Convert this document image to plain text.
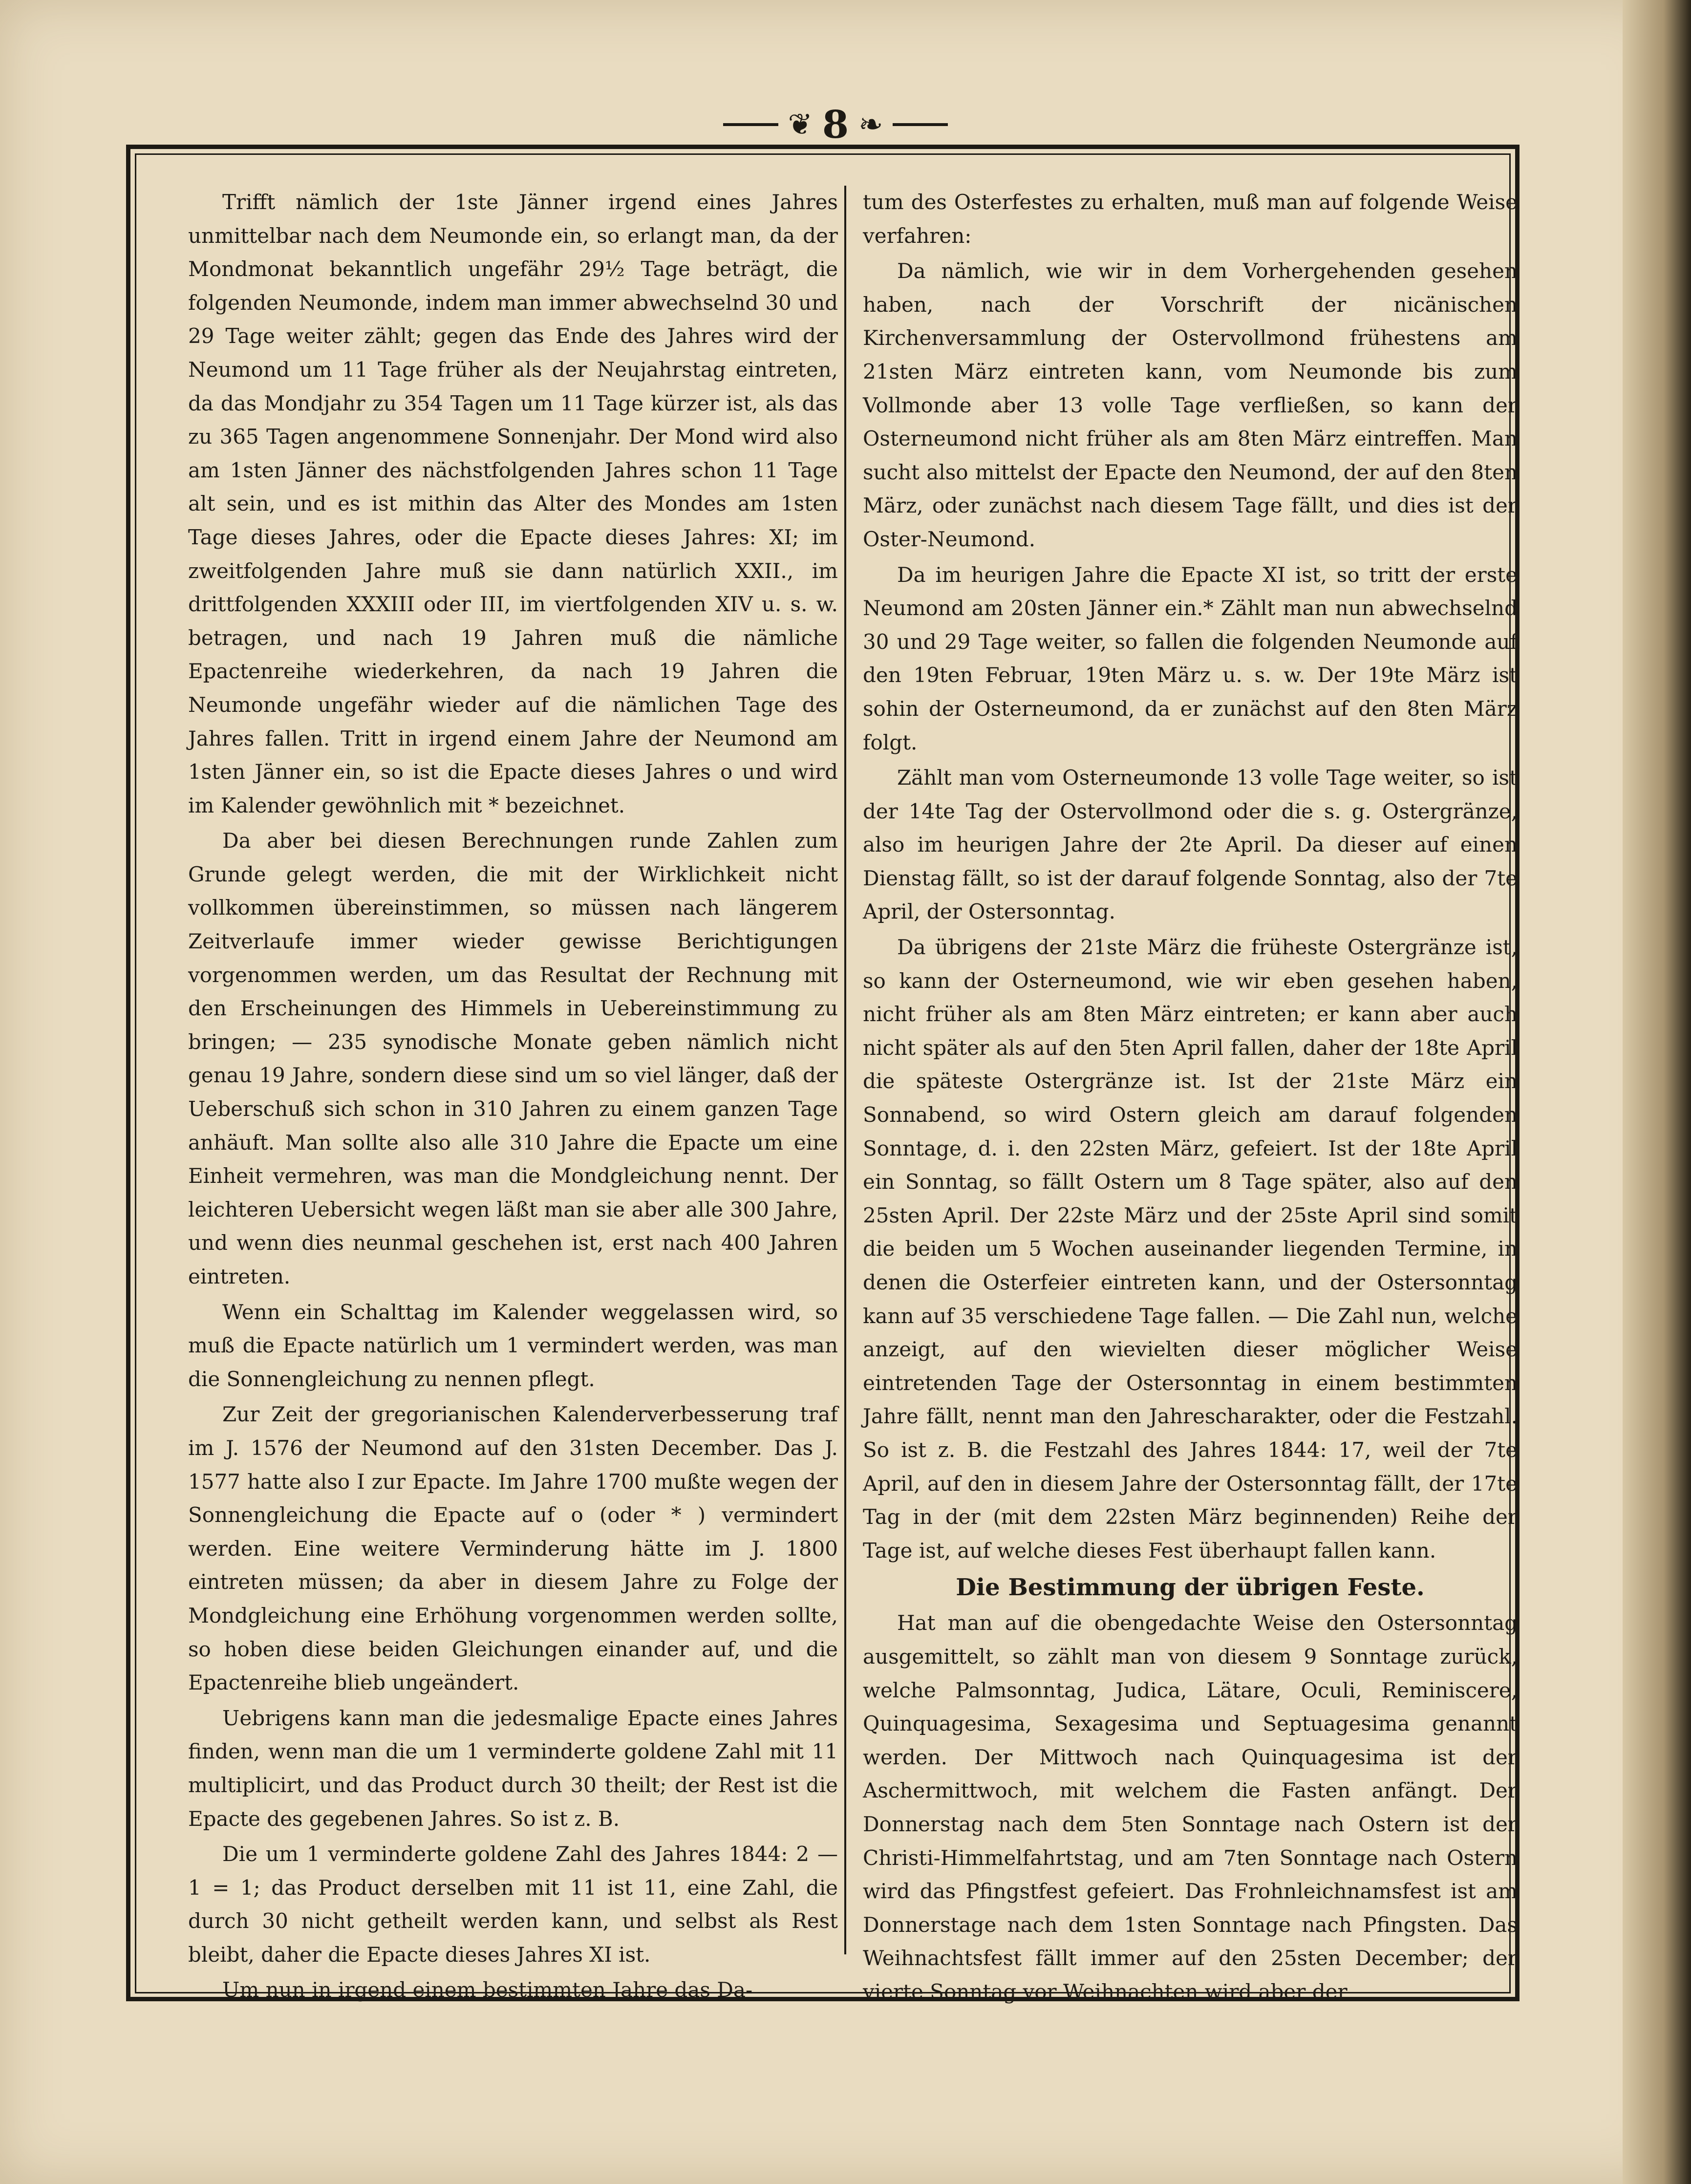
❦ 8 ❧

Trifft nämlich der 1ste Jänner irgend eines Jahres unmittelbar nach dem Neumonde ein, so erlangt man, da der Mondmonat bekanntlich ungefähr 29½ Tage beträgt, die folgenden Neumonde, indem man immer abwechselnd 30 und 29 Tage weiter zählt; gegen das Ende des Jahres wird der Neumond um 11 Tage früher als der Neujahrstag eintreten, da das Mondjahr zu 354 Tagen um 11 Tage kürzer ist, als das zu 365 Tagen angenommene Sonnenjahr. Der Mond wird also am 1sten Jänner des nächstfolgenden Jahres schon 11 Tage alt sein, und es ist mithin das Alter des Mondes am 1sten Tage dieses Jahres, oder die Epacte dieses Jahres: XI; im zweitfolgenden Jahre muß sie dann natürlich XXII., im drittfolgenden XXXIII oder III, im viertfolgenden XIV u. s. w. betragen, und nach 19 Jahren muß die nämliche Epactenreihe wiederkehren, da nach 19 Jahren die Neumonde ungefähr wieder auf die nämlichen Tage des Jahres fallen. Tritt in irgend einem Jahre der Neumond am 1sten Jänner ein, so ist die Epacte dieses Jahres o und wird im Kalender gewöhnlich mit * bezeichnet.

Da aber bei diesen Berechnungen runde Zahlen zum Grunde gelegt werden, die mit der Wirklichkeit nicht vollkommen übereinstimmen, so müssen nach längerem Zeitverlaufe immer wieder gewisse Berichtigungen vorgenommen werden, um das Resultat der Rechnung mit den Erscheinungen des Himmels in Uebereinstimmung zu bringen; — 235 synodische Monate geben nämlich nicht genau 19 Jahre, sondern diese sind um so viel länger, daß der Ueberschuß sich schon in 310 Jahren zu einem ganzen Tage anhäuft. Man sollte also alle 310 Jahre die Epacte um eine Einheit vermehren, was man die Mondgleichung nennt. Der leichteren Uebersicht wegen läßt man sie aber alle 300 Jahre, und wenn dies neunmal geschehen ist, erst nach 400 Jahren eintreten.

Wenn ein Schalttag im Kalender weggelassen wird, so muß die Epacte natürlich um 1 vermindert werden, was man die Sonnengleichung zu nennen pflegt.

Zur Zeit der gregorianischen Kalenderverbesserung traf im J. 1576 der Neumond auf den 31sten December. Das J. 1577 hatte also I zur Epacte. Im Jahre 1700 mußte wegen der Sonnengleichung die Epacte auf o (oder * ) vermindert werden. Eine weitere Verminderung hätte im J. 1800 eintreten müssen; da aber in diesem Jahre zu Folge der Mondgleichung eine Erhöhung vorgenommen werden sollte, so hoben diese beiden Gleichungen einander auf, und die Epactenreihe blieb ungeändert.

Uebrigens kann man die jedesmalige Epacte eines Jahres finden, wenn man die um 1 verminderte goldene Zahl mit 11 multiplicirt, und das Product durch 30 theilt; der Rest ist die Epacte des gegebenen Jahres. So ist z. B.

Die um 1 verminderte goldene Zahl des Jahres 1844: 2 — 1 = 1; das Product derselben mit 11 ist 11, eine Zahl, die durch 30 nicht getheilt werden kann, und selbst als Rest bleibt, daher die Epacte dieses Jahres XI ist.

Um nun in irgend einem bestimmten Jahre das Da-

tum des Osterfestes zu erhalten, muß man auf folgende Weise verfahren:

Da nämlich, wie wir in dem Vorhergehenden gesehen haben, nach der Vorschrift der nicänischen Kirchenversammlung der Ostervollmond frühestens am 21sten März eintreten kann, vom Neumonde bis zum Vollmonde aber 13 volle Tage verfließen, so kann der Osterneumond nicht früher als am 8ten März eintreffen. Man sucht also mittelst der Epacte den Neumond, der auf den 8ten März, oder zunächst nach diesem Tage fällt, und dies ist der Oster-Neumond.

Da im heurigen Jahre die Epacte XI ist, so tritt der erste Neumond am 20sten Jänner ein.* Zählt man nun abwechselnd 30 und 29 Tage weiter, so fallen die folgenden Neumonde auf den 19ten Februar, 19ten März u. s. w. Der 19te März ist sohin der Osterneumond, da er zunächst auf den 8ten März folgt.

Zählt man vom Osterneumonde 13 volle Tage weiter, so ist der 14te Tag der Ostervollmond oder die s. g. Ostergränze, also im heurigen Jahre der 2te April. Da dieser auf einen Dienstag fällt, so ist der darauf folgende Sonntag, also der 7te April, der Ostersonntag.

Da übrigens der 21ste März die früheste Ostergränze ist, so kann der Osterneumond, wie wir eben gesehen haben, nicht früher als am 8ten März eintreten; er kann aber auch nicht später als auf den 5ten April fallen, daher der 18te April die späteste Ostergränze ist. Ist der 21ste März ein Sonnabend, so wird Ostern gleich am darauf folgenden Sonntage, d. i. den 22sten März, gefeiert. Ist der 18te April ein Sonntag, so fällt Ostern um 8 Tage später, also auf den 25sten April. Der 22ste März und der 25ste April sind somit die beiden um 5 Wochen auseinander liegenden Termine, in denen die Osterfeier eintreten kann, und der Ostersonntag kann auf 35 verschiedene Tage fallen. — Die Zahl nun, welche anzeigt, auf den wievielten dieser möglicher Weise eintretenden Tage der Ostersonntag in einem bestimmten Jahre fällt, nennt man den Jahrescharakter, oder die Festzahl. So ist z. B. die Festzahl des Jahres 1844: 17, weil der 7te April, auf den in diesem Jahre der Ostersonntag fällt, der 17te Tag in der (mit dem 22sten März beginnenden) Reihe der Tage ist, auf welche dieses Fest überhaupt fallen kann.

Die Bestimmung der übrigen Feste.

Hat man auf die obengedachte Weise den Ostersonntag ausgemittelt, so zählt man von diesem 9 Sonntage zurück, welche Palmsonntag, Judica, Lätare, Oculi, Reminiscere, Quinquagesima, Sexagesima und Septuagesima genannt werden. Der Mittwoch nach Quinquagesima ist der Aschermittwoch, mit welchem die Fasten anfängt. Der Donnerstag nach dem 5ten Sonntage nach Ostern ist der Christi-Himmelfahrtstag, und am 7ten Sonntage nach Ostern wird das Pfingstfest gefeiert. Das Frohnleichnamsfest ist am Donnerstage nach dem 1sten Sonntage nach Pfingsten. Das Weihnachtsfest fällt immer auf den 25sten December; der vierte Sonntag vor Weihnachten wird aber der
